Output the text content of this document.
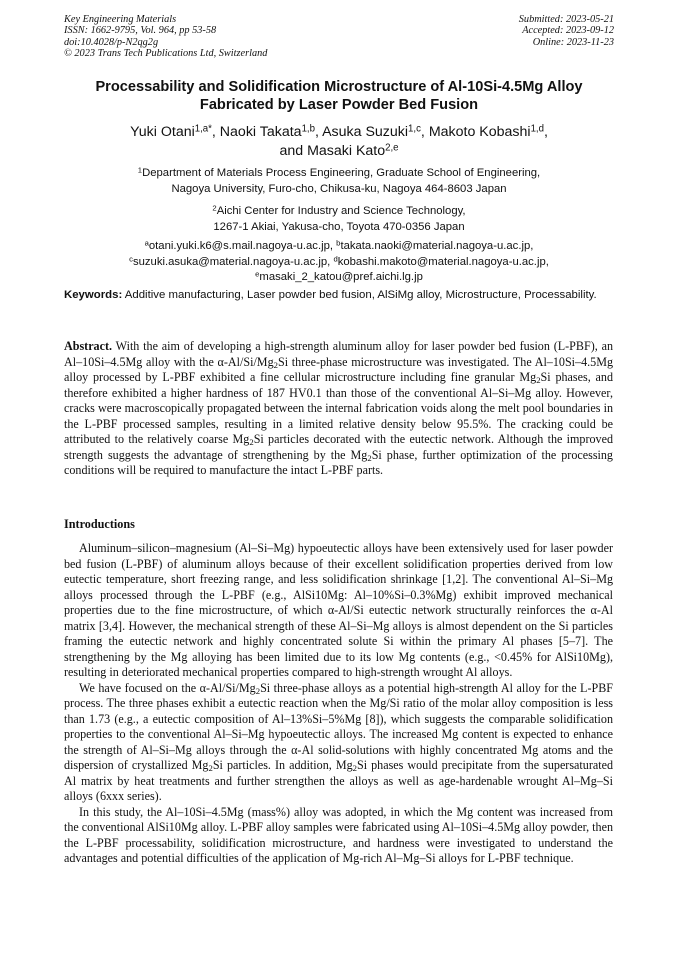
Key Engineering Materials
ISSN: 1662-9795, Vol. 964, pp 53-58
doi:10.4028/p-N2qg2g
© 2023 Trans Tech Publications Ltd, Switzerland
Submitted: 2023-05-21
Accepted: 2023-09-12
Online: 2023-11-23
Processability and Solidification Microstructure of Al-10Si-4.5Mg Alloy
Fabricated by Laser Powder Bed Fusion
Yuki Otani$^{1,a*}$, Naoki Takata$^{1,b}$, Asuka Suzuki$^{1,c}$, Makoto Kobashi$^{1,d}$,
and Masaki Kato$^{2,e}$
$^1$Department of Materials Process Engineering, Graduate School of Engineering,
Nagoya University, Furo-cho, Chikusa-ku, Nagoya 464-8603 Japan
$^2$Aichi Center for Industry and Science Technology,
1267-1 Akiai, Yakusa-cho, Toyota 470-0356 Japan
$^a$otani.yuki.k6@s.mail.nagoya-u.ac.jp, $^b$takata.naoki@material.nagoya-u.ac.jp,
$^c$suzuki.asuka@material.nagoya-u.ac.jp, $^d$kobashi.makoto@material.nagoya-u.ac.jp,
$^e$masaki_2_katou@pref.aichi.lg.jp
Keywords: Additive manufacturing, Laser powder bed fusion, AlSiMg alloy, Microstructure, Processability.
Abstract. With the aim of developing a high-strength aluminum alloy for laser powder bed fusion (L-PBF), an Al–10Si–4.5Mg alloy with the $\alpha-Al/Si/Mg_2Si$ three-phase microstructure was investigated. The Al–10Si–4.5Mg alloy processed by L-PBF exhibited a fine cellular microstructure including fine granular $Mg_2Si$ phases, and therefore exhibited a higher hardness of 187 HV0.1 than those of the conventional Al–Si–Mg alloy. However, cracks were macroscopically propagated between the internal fabrication voids along the melt pool boundaries in the L-PBF processed samples, resulting in a limited relative density below 95.5%. The cracking could be attributed to the relatively coarse $Mg_2Si$ particles decorated with the eutectic network. Although the improved strength suggests the advantage of strengthening by the $Mg_2Si$ phase, further optimization of the processing conditions will be required to manufacture the intact L-PBF parts.
Introductions

Aluminum–silicon–magnesium (Al–Si–Mg) hypoeutectic alloys have been extensively used for laser powder bed fusion (L-PBF) of aluminum alloys because of their excellent solidification properties derived from low eutectic temperature, short freezing range, and less solidification shrinkage [1,2]. The conventional Al–Si–Mg alloys processed through the L-PBF (e.g., AlSi10Mg: Al–10%Si–0.3%Mg) exhibit improved mechanical properties due to the fine microstructure, of which α-Al/Si eutectic network structurally reinforces the α-Al matrix [3,4]. However, the mechanical strength of these Al–Si–Mg alloys is almost dependent on the Si particles framing the eutectic network and highly concentrated solute Si within the primary Al phases [5–7]. The strengthening by the Mg alloying has been limited due to its low Mg contents (e.g., <0.45% for AlSi10Mg), resulting in deteriorated mechanical properties compared to high-strength wrought Al alloys.

We have focused on the $\alpha-Al/Si/Mg_2Si$ three-phase alloys as a potential high-strength Al alloy for the L-PBF process. The three phases exhibit a eutectic reaction when the Mg/Si ratio of the molar alloy composition is less than 1.73 (e.g., a eutectic composition of Al–13%Si–5%Mg [8]), which suggests the comparable solidification properties to the conventional Al–Si–Mg hypoeutectic alloys. The increased Mg content is expected to enhance the strength of Al–Si–Mg alloys through the α-Al solid-solutions with highly concentrated Mg atoms and the dispersion of crystallized $Mg_2Si$ particles. In addition, $Mg_2Si$ phases would precipitate from the supersaturated Al matrix by heat treatments and further strengthen the alloys as well as age-hardenable wrought Al–Mg–Si alloys (6xxx series).

In this study, the Al–10Si–4.5Mg (mass%) alloy was adopted, in which the Mg content was increased from the conventional AlSi10Mg alloy. L-PBF alloy samples were fabricated using Al–10Si–4.5Mg alloy powder, then the L-PBF processability, solidification microstructure, and hardness were investigated to understand the advantages and potential difficulties of the application of Mg-rich Al–Mg–Si alloys for L-PBF technique.
